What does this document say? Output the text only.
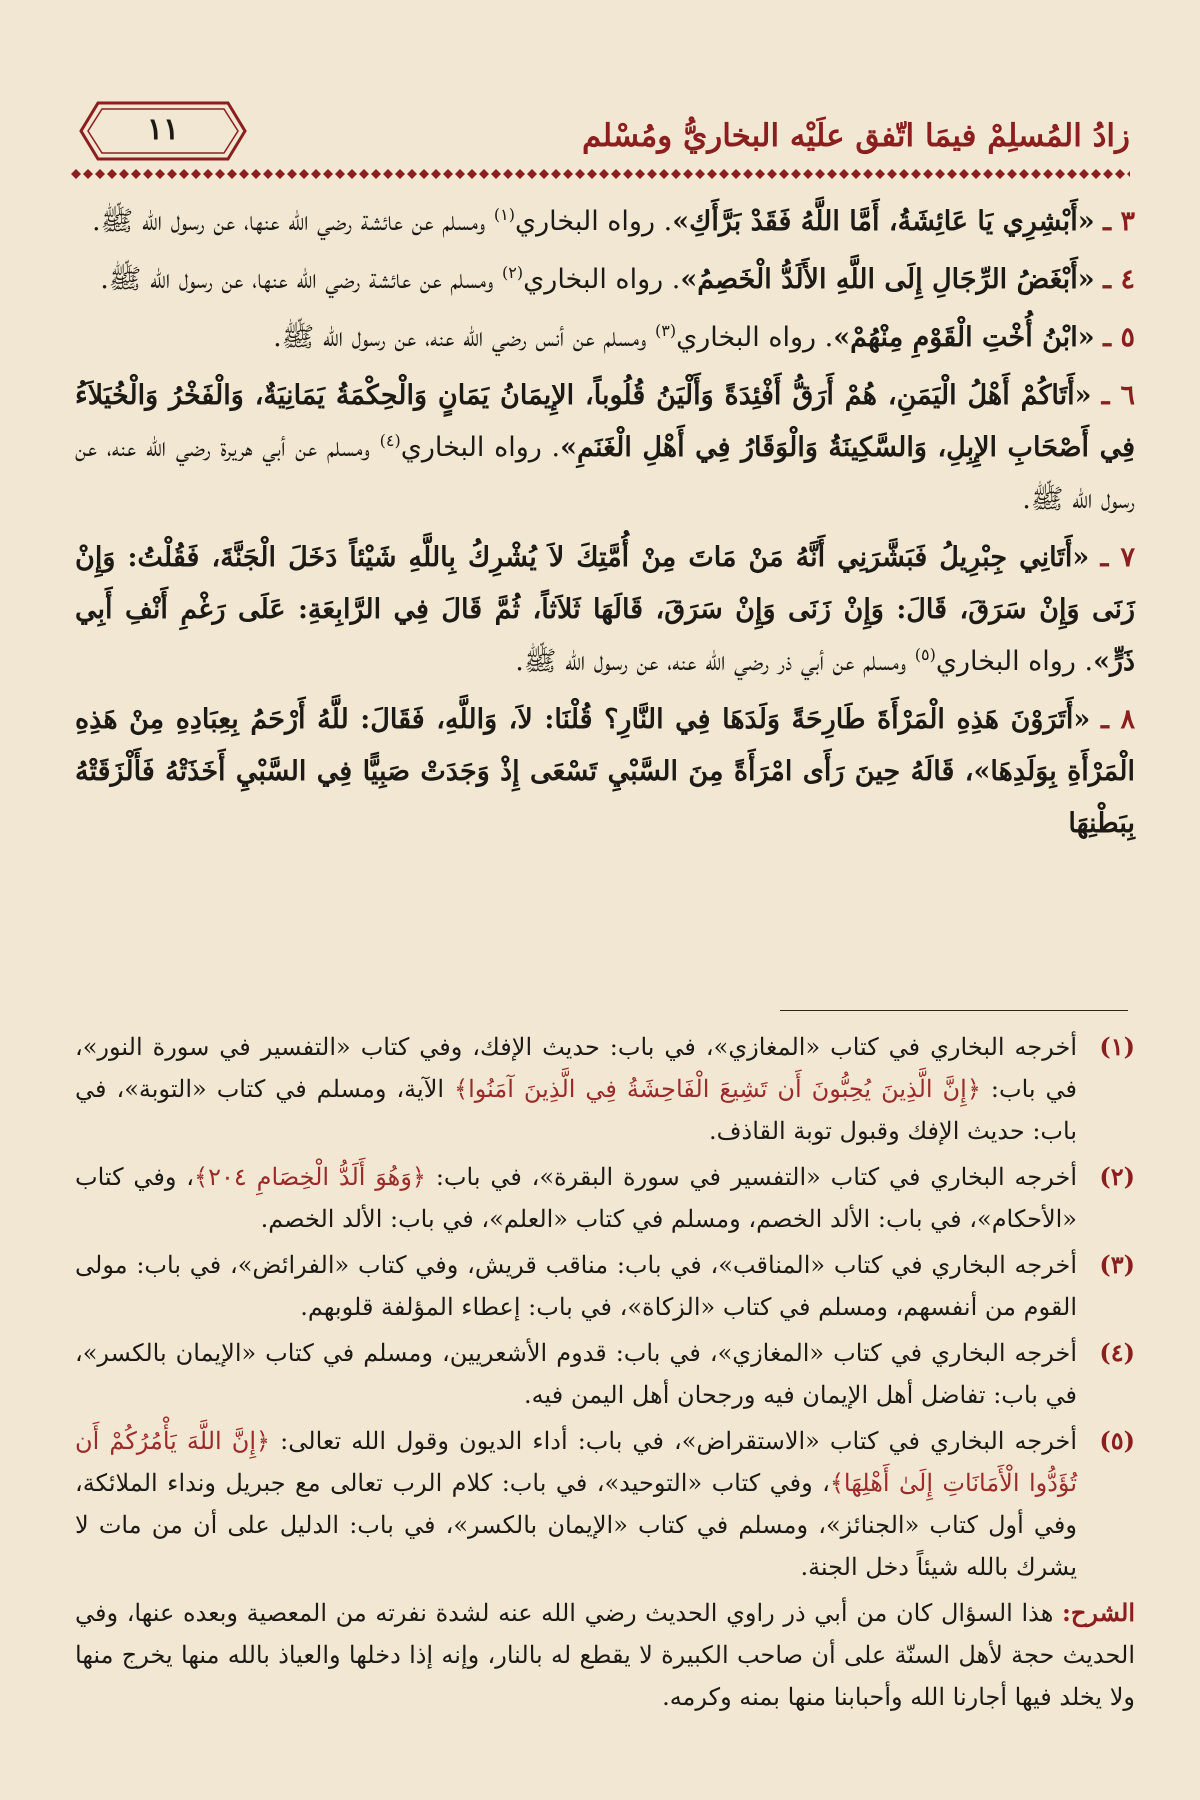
زادُ المُسلِمْ فيمَا اتّفق علَيْه البخاريُّ ومُسْلم
١١

٣ ـ «أَبْشِرِي يَا عَائِشَةُ، أَمَّا اللَّهُ فَقَدْ بَرَّأَكِ». رواه البخاري$^{(١)}$ ومسلم عن عائشة رضي الله عنها، عن رسول الله ﷺ.

٤ ـ «أَبْغَضُ الرِّجَالِ إِلَى اللَّهِ الأَلَدُّ الْخَصِمُ». رواه البخاري$^{(٢)}$ ومسلم عن عائشة رضي الله عنها، عن رسول الله ﷺ.

٥ ـ «ابْنُ أُخْتِ الْقَوْمِ مِنْهُمْ». رواه البخاري$^{(٣)}$ ومسلم عن أنس رضي الله عنه، عن رسول الله ﷺ.

٦ ـ «أَتَاكُمْ أَهْلُ الْيَمَنِ، هُمْ أَرَقُّ أَفْئِدَةً وَأَلْيَنُ قُلُوباً، الإِيمَانُ يَمَانٍ وَالْحِكْمَةُ يَمَانِيَةٌ، وَالْفَخْرُ وَالْخُيَلاَءُ فِي أَصْحَابِ الإِبِلِ، وَالسَّكِينَةُ وَالْوَقَارُ فِي أَهْلِ الْغَنَمِ». رواه البخاري$^{(٤)}$ ومسلم عن أبي هريرة رضي الله عنه، عن رسول الله ﷺ.

٧ ـ «أَتَانِي جِبْرِيلُ فَبَشَّرَنِي أَنَّهُ مَنْ مَاتَ مِنْ أُمَّتِكَ لاَ يُشْرِكُ بِاللَّهِ شَيْئاً دَخَلَ الْجَنَّةَ، فَقُلْتُ: وَإِنْ زَنَى وَإِنْ سَرَقَ، قَالَ: وَإِنْ زَنَى وَإِنْ سَرَقَ، قَالَهَا ثَلاَثاً، ثُمَّ قَالَ فِي الرَّابِعَةِ: عَلَى رَغْمِ أَنْفِ أَبِي ذَرٍّ». رواه البخاري$^{(٥)}$ ومسلم عن أبي ذر رضي الله عنه، عن رسول الله ﷺ.

٨ ـ «أَتَرَوْنَ هَذِهِ الْمَرْأَةَ طَارِحَةً وَلَدَهَا فِي النَّارِ؟ قُلْنَا: لاَ، وَاللَّهِ، فَقَالَ: للَّهُ أَرْحَمُ بِعِبَادِهِ مِنْ هَذِهِ الْمَرْأَةِ بِوَلَدِهَا»، قَالَهُ حِينَ رَأَى امْرَأَةً مِنَ السَّبْيِ تَسْعَى إِذْ وَجَدَتْ صَبِيًّا فِي السَّبْيِ أَخَذَتْهُ فَأَلْزَقَتْهُ بِبَطْنِهَا

(١)
أخرجه البخاري في كتاب «المغازي»، في باب: حديث الإفك، وفي كتاب «التفسير في سورة النور»، في باب: ﴿إِنَّ الَّذِينَ يُحِبُّونَ أَن تَشِيعَ الْفَاحِشَةُ فِي الَّذِينَ آمَنُوا﴾ الآية، ومسلم في كتاب «التوبة»، في باب: حديث الإفك وقبول توبة القاذف.
(٢)
أخرجه البخاري في كتاب «التفسير في سورة البقرة»، في باب: ﴿وَهُوَ أَلَدُّ الْخِصَامِ ٢٠٤﴾، وفي كتاب «الأحكام»، في باب: الألد الخصم، ومسلم في كتاب «العلم»، في باب: الألد الخصم.
(٣)
أخرجه البخاري في كتاب «المناقب»، في باب: مناقب قريش، وفي كتاب «الفرائض»، في باب: مولى القوم من أنفسهم، ومسلم في كتاب «الزكاة»، في باب: إعطاء المؤلفة قلوبهم.
(٤)
أخرجه البخاري في كتاب «المغازي»، في باب: قدوم الأشعريين، ومسلم في كتاب «الإيمان بالكسر»، في باب: تفاضل أهل الإيمان فيه ورجحان أهل اليمن فيه.
(٥)
أخرجه البخاري في كتاب «الاستقراض»، في باب: أداء الديون وقول الله تعالى: ﴿إِنَّ اللَّهَ يَأْمُرُكُمْ أَن تُؤَدُّوا الْأَمَانَاتِ إِلَىٰ أَهْلِهَا﴾، وفي كتاب «التوحيد»، في باب: كلام الرب تعالى مع جبريل ونداء الملائكة، وفي أول كتاب «الجنائز»، ومسلم في كتاب «الإيمان بالكسر»، في باب: الدليل على أن من مات لا يشرك بالله شيئاً دخل الجنة.
الشرح: هذا السؤال كان من أبي ذر راوي الحديث رضي الله عنه لشدة نفرته من المعصية وبعده عنها، وفي الحديث حجة لأهل السنّة على أن صاحب الكبيرة لا يقطع له بالنار، وإنه إذا دخلها والعياذ بالله منها يخرج منها ولا يخلد فيها أجارنا الله وأحبابنا منها بمنه وكرمه.
